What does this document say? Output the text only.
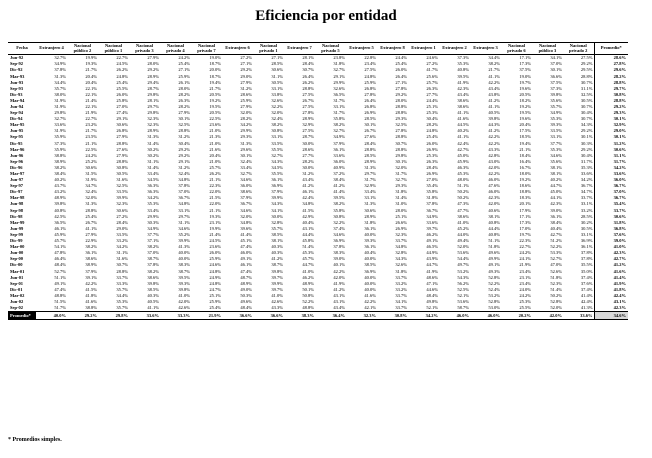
Eficiencia por entidad
Fecha	Extranjero 4	Nacional público 2	Nacional público 1	Nacional privado 3	Nacional privado 4	Nacional privado 7	Extranjero 6	Nacional privado 1	Extranjero 7	Nacional privado 5	Extranjero 5	Extranjero 8	Extranjero 1	Extranjero 2	Extranjero 3	Nacional privado 6	Nacional público 3	Nacional privado 2	Promedio*
Jun-92	32.7%	19.9%	22.7%	27.9%	24.2%	19.0%	27.2%	27.1%	28.1%	23.8%	22.8%	24.4%	24.6%	37.3%	34.4%	17.1%	34.1%	27.5%	28.6%
Sep-92	34.9%	19.3%	24.5%	28.0%	25.4%	18.7%	27.1%	28.5%	28.4%	31.8%	23.4%	25.4%	27.2%	35.3%	38.2%	17.3%	37.0%	29.2%	27.8%
Dic-92	37.8%	21.7%	26.2%	29.2%	27.1%	20.0%	29.2%	30.6%	30.7%	32.7%	27.5%	26.0%	41.7%	40.8%	21.7%	37.5%	30.1%	29.5%	29.6%
Mar-93	31.3%	20.4%	24.8%	28.9%	25.9%	18.7%	29.0%	31.1%	26.4%	29.1%	24.8%	26.4%	25.6%	39.5%	41.1%	19.0%	36.6%	28.8%	28.2%
Jun-93	34.4%	20.4%	25.4%	29.4%	26.1%	19.4%	27.9%	30.5%	26.2%	29.9%	25.9%	27.1%	25.7%	41.9%	42.2%	19.7%	37.5%	30.7%	28.8%
Sep-93	35.7%	22.1%	25.5%	28.7%	28.0%	21.7%	31.2%	33.1%	28.8%	32.6%	26.8%	27.8%	26.3%	42.3%	43.4%	19.6%	37.3%	31.1%	29.7%
Dic-93	38.0%	22.1%	26.0%	29.8%	28.2%	20.5%	28.6%	33.8%	27.5%	36.5%	27.8%	29.2%	27.7%	43.4%	43.8%	20.5%	39.8%	32.5%	30.8%
Mar-94	31.9%	21.4%	25.8%	28.1%	26.3%	19.2%	25.9%	32.6%	26.7%	31.7%	26.4%	28.0%	24.4%	38.6%	41.2%	18.2%	35.6%	30.5%	28.8%
Jun-94	31.9%	22.1%	27.0%	29.7%	28.2%	19.5%	27.9%	32.2%	27.5%	33.1%	26.8%	28.8%	25.1%	38.6%	41.1%	19.2%	35.7%	30.7%	29.2%
Sep-94	29.8%	21.9%	27.4%	29.8%	27.9%	20.5%	32.0%	32.0%	27.8%	31.7%	26.9%	28.8%	25.3%	41.1%	40.5%	19.5%	34.9%	30.4%	29.3%
Dic-94	32.7%	22.7%	29.1%	32.3%	30.1%	22.5%	28.2%	32.4%	28.9%	35.8%	28.5%	29.3%	30.4%	41.6%	39.8%	19.6%	35.3%	30.7%	30.1%
Mar-95	33.6%	23.2%	30.6%	32.3%	32.5%	23.6%	34.2%	38.2%	32.9%	38.2%	30.1%	32.5%	28.2%	44.5%	44.3%	20.4%	39.3%	34.3%	32.9%
Jun-95	31.9%	21.7%	26.8%	28.9%	28.8%	21.0%	29.9%	30.8%	27.5%	32.7%	26.7%	27.8%	24.8%	40.2%	41.2%	17.5%	33.5%	29.2%	29.0%
Sep-95	35.9%	23.5%	27.9%	31.3%	31.2%	21.3%	29.3%	33.1%	28.7%	34.9%	27.6%	28.8%	25.4%	41.1%	42.2%	18.5%	33.1%	30.1%	30.1%
Dic-95	37.3%	21.1%	28.8%	31.4%	30.4%	21.0%	31.3%	33.5%	30.0%	37.9%	28.4%	30.7%	26.0%	42.4%	42.2%	19.4%	37.7%	30.3%	31.2%
Mar-96	35.9%	22.5%	27.6%	30.2%	29.2%	21.6%	29.6%	35.5%	28.6%	36.1%	28.8%	28.8%	26.9%	42.7%	43.3%	21.1%	35.3%	29.2%	30.6%
Jun-96	38.8%	24.2%	27.9%	30.2%	29.2%	20.4%	30.1%	32.7%	27.7%	33.6%	28.5%	29.8%	25.3%	45.0%	42.8%	18.4%	34.6%	30.4%	31.1%
Sep-96	38.9%	25.2%	28.8%	31.1%	29.1%	21.0%	32.4%	34.3%	28.2%	36.0%	28.9%	30.1%	26.3%	45.9%	43.0%	16.4%	35.6%	31.7%	31.7%
Dic-96	38.2%	30.6%	30.8%	31.4%	31.2%	25.7%	33.4%	34.5%	30.0%	40.9%	31.3%	32.0%	28.4%	46.3%	42.0%	16.7%	38.1%	35.3%	34.2%
Mar-97	38.4%	31.5%	30.5%	33.4%	32.4%	26.2%	32.7%	35.5%	31.2%	37.2%	29.7%	31.7%	26.9%	45.3%	42.2%	18.0%	38.1%	33.6%	33.6%
Jun-97	40.2%	31.9%	31.6%	34.5%	34.8%	21.1%	34.6%	36.1%	43.4%	38.4%	31.7%	32.7%	27.0%	48.0%	46.0%	19.2%	40.2%	34.2%	36.0%
Sep-97	43.7%	34.7%	32.5%	36.3%	37.8%	22.3%	36.0%	36.9%	41.2%	41.2%	32.9%	29.3%	35.4%	51.1%	47.6%	18.6%	44.7%	36.7%	36.7%
Dic-97	43.2%	32.4%	33.5%	36.3%	37.0%	22.0%	38.6%	37.9%	46.1%	41.4%	33.4%	31.8%	35.8%	50.2%	46.0%	18.8%	45.0%	34.7%	37.0%
Mar-98	48.9%	32.0%	39.9%	34.2%	36.7%	21.5%	37.9%	39.9%	42.4%	39.5%	33.1%	31.4%	31.8%	50.2%	42.3%	18.3%	44.1%	33.7%	36.7%
Jun-98	39.8%	31.3%	32.3%	35.3%	34.8%	22.0%	36.7%	34.3%	34.8%	38.2%	31.3%	31.0%	37.8%	47.3%	42.0%	20.1%	42.3%	33.1%	35.4%
Sep-98	40.8%	28.8%	30.6%	33.4%	33.1%	21.1%	34.6%	34.1%	41.5%	35.8%	30.6%	28.0%	36.7%	47.7%	40.6%	17.9%	39.0%	33.2%	33.7%
Dic-98	42.5%	25.4%	27.2%	29.9%	29.7%	19.3%	32.0%	30.0%	42.9%	30.8%	28.9%	25.1%	34.9%	38.6%	38.1%	17.1%	36.1%	28.5%	30.6%
Mar-99	36.5%	26.7%	28.4%	30.3%	31.1%	23.1%	34.8%	32.8%	40.4%	32.2%	31.8%	26.6%	33.6%	41.0%	40.8%	17.3%	38.4%	30.2%	31.8%
Jun-99	46.1%	41.1%	29.0%	34.9%	34.6%	19.9%	39.6%	35.7%	43.1%	37.4%	36.1%	26.9%	39.7%	45.2%	44.4%	17.0%	40.4%	30.5%	36.8%
Sep-99	45.9%	27.9%	33.5%	37.7%	35.2%	21.4%	41.4%	38.5%	44.4%	34.6%	40.0%	32.3%	46.2%	44.0%	40.8%	19.7%	42.7%	33.1%	37.6%
Dic-99	45.7%	22.9%	33.2%	37.1%	39.9%	24.5%	45.1%	38.1%	45.8%	36.9%	39.3%	33.7%	49.1%	49.4%	51.1%	22.3%	51.2%	36.9%	39.0%
Mar-00	54.1%	38.2%	34.2%	38.2%	41.3%	23.6%	47.4%	40.3%	51.4%	37.8%	36.1%	34.8%	46.5%	52.0%	51.8%	22.7%	52.2%	36.1%	41.0%
Jun-00	47.8%	36.1%	31.1%	37.0%	40.0%	26.0%	46.0%	40.3%	45.3%	38.3%	40.4%	32.8%	44.9%	53.6%	49.6%	24.2%	53.3%	37.8%	42.3%
Sep-00	46.4%	38.6%	31.6%	38.7%	40.0%	25.9%	49.1%	41.2%	45.7%	39.0%	40.0%	34.3%	43.9%	54.4%	49.9%	24.1%	52.7%	37.8%	42.7%
Dic-00	48.4%	38.9%	30.7%	37.8%	38.3%	24.6%	46.1%	38.7%	44.7%	40.1%	38.5%	32.6%	44.7%	49.7%	49.1%	21.9%	47.0%	35.5%	41.2%
Mar-01	52.7%	37.9%	28.8%	38.2%	38.7%	24.8%	47.4%	39.8%	41.0%	42.2%	36.9%	31.8%	41.9%	53.2%	49.3%	23.4%	52.6%	35.0%	41.6%
Jun-01	51.1%	39.1%	33.7%	38.6%	39.5%	24.9%	48.7%	39.7%	46.2%	42.0%	40.0%	33.7%	48.6%	54.3%	52.8%	23.1%	51.8%	37.4%	41.4%
Sep-01	49.1%	42.2%	33.3%	39.8%	39.3%	24.8%	48.9%	39.9%	48.9%	41.9%	40.0%	33.2%	47.1%	56.2%	52.2%	23.4%	52.3%	37.6%	41.9%
Dic-01	47.4%	41.5%	35.7%	38.5%	39.8%	24.7%	49.0%	39.7%	50.1%	41.2%	40.0%	33.2%	44.6%	52.5%	52.4%	24.0%	51.4%	37.4%	41.8%
Mar-02	48.8%	41.8%	34.4%	40.3%	41.0%	25.1%	50.3%	41.0%	50.8%	43.1%	41.6%	33.7%	48.4%	52.1%	53.2%	24.2%	50.2%	41.4%	42.4%
Jun-02	51.5%	41.6%	35.3%	40.5%	42.0%	25.9%	49.6%	42.6%	52.2%	43.1%	42.2%	34.1%	49.8%	53.6%	52.8%	25.3%	52.8%	42.4%	43.1%
Sep-02	51.7%	38.8%	35.7%	41.1%	42.6%	25.4%	48.4%	43.3%	48.8%	43.4%	42.1%	33.7%	52.1%	58.7%	53.0%	25.5%	52.0%	41.3%	42.3%
Promedio*	40.0%	29.2%	29.8%	33.6%	33.3%	21.9%	36.6%	36.6%	38.3%	36.4%	32.3%	30.8%	34.2%	46.0%	46.0%	20.2%	42.0%	33.6%	34.6%
* Promedios simples.
